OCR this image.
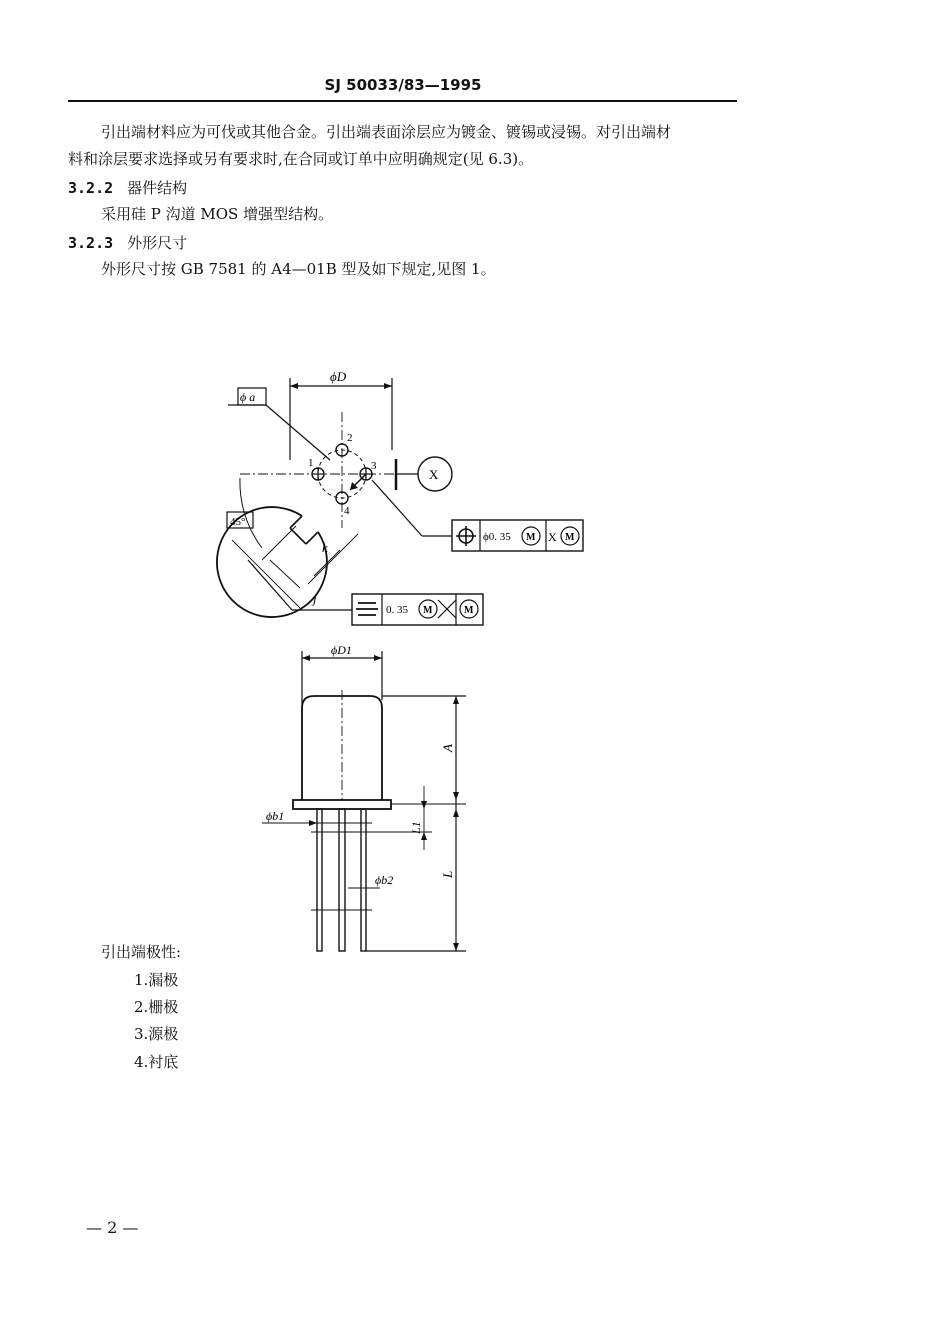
SJ 50033/83—1995
引出端材料应为可伐或其他合金。引出端表面涂层应为镀金、镀锡或浸锡。对引出端材
料和涂层要求选择或另有要求时,在合同或订单中应明确规定(见 6.3)。
3.2.2 器件结构
采用硅 P 沟道 MOS 增强型结构。
3.2.3 外形尺寸
外形尺寸按 GB 7581 的 A4—01B 型及如下规定,见图 1。
ϕD
ϕ a
1
2
3
4
X
45°
k
j
ϕ0. 35 M X M
0. 35 M	M
ϕD1
ϕb1
ϕb2
A
L1
L
引出端极性:
1.漏极
2.栅极
3.源极
4.衬底
— 2 —
